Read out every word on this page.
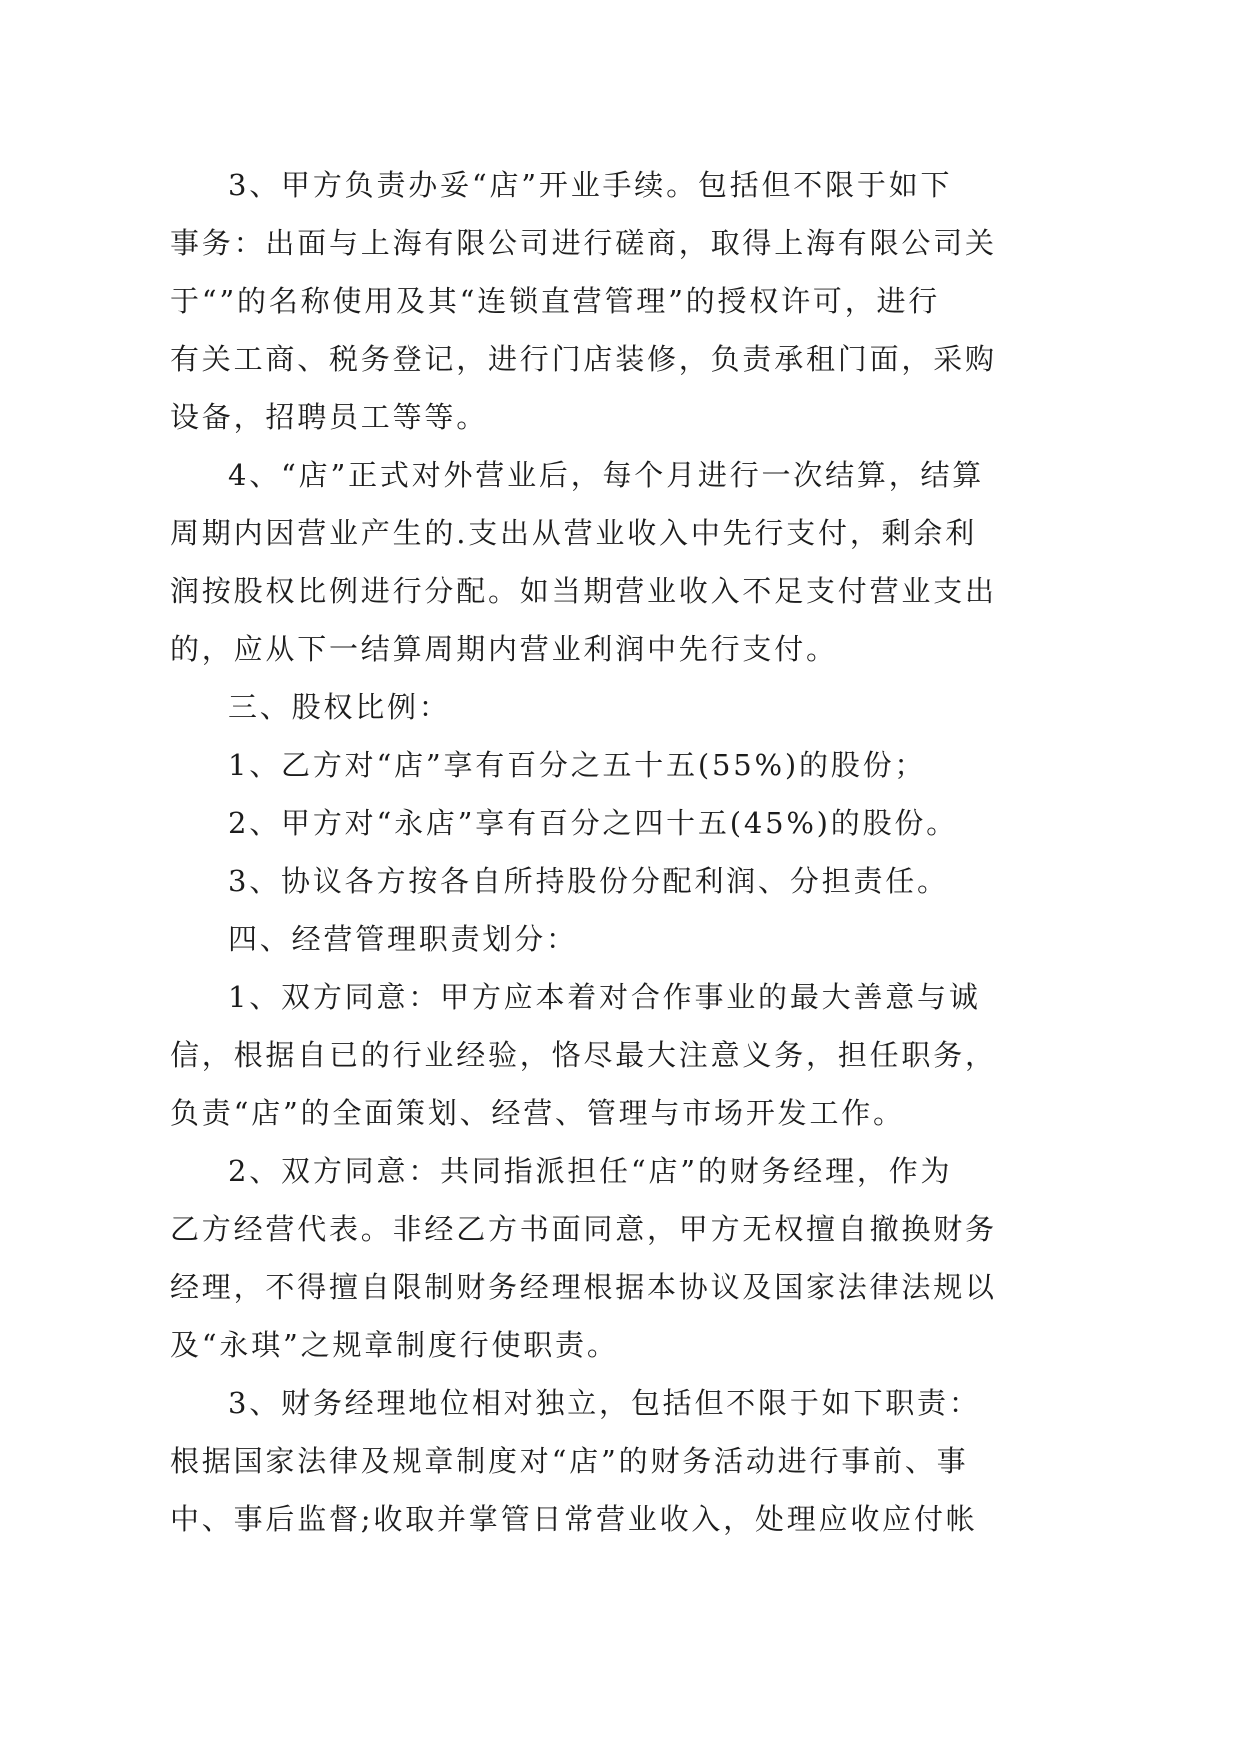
3、甲方负责办妥“店”开业手续。包括但不限于如下

事务：出面与上海有限公司进行磋商，取得上海有限公司关

于“”的名称使用及其“连锁直营管理”的授权许可，进行

有关工商、税务登记，进行门店装修，负责承租门面，采购

设备，招聘员工等等。

4、“店”正式对外营业后，每个月进行一次结算，结算

周期内因营业产生的.支出从营业收入中先行支付，剩余利

润按股权比例进行分配。如当期营业收入不足支付营业支出

的，应从下一结算周期内营业利润中先行支付。

三、股权比例：

1、乙方对“店”享有百分之五十五(55%)的股份；

2、甲方对“永店”享有百分之四十五(45%)的股份。

3、协议各方按各自所持股份分配利润、分担责任。

四、经营管理职责划分：

1、双方同意：甲方应本着对合作事业的最大善意与诚

信，根据自已的行业经验，恪尽最大注意义务，担任职务，

负责“店”的全面策划、经营、管理与市场开发工作。

2、双方同意：共同指派担任“店”的财务经理，作为

乙方经营代表。非经乙方书面同意，甲方无权擅自撤换财务

经理，不得擅自限制财务经理根据本协议及国家法律法规以

及“永琪”之规章制度行使职责。

3、财务经理地位相对独立，包括但不限于如下职责：

根据国家法律及规章制度对“店”的财务活动进行事前、事

中、事后监督;收取并掌管日常营业收入，处理应收应付帐
